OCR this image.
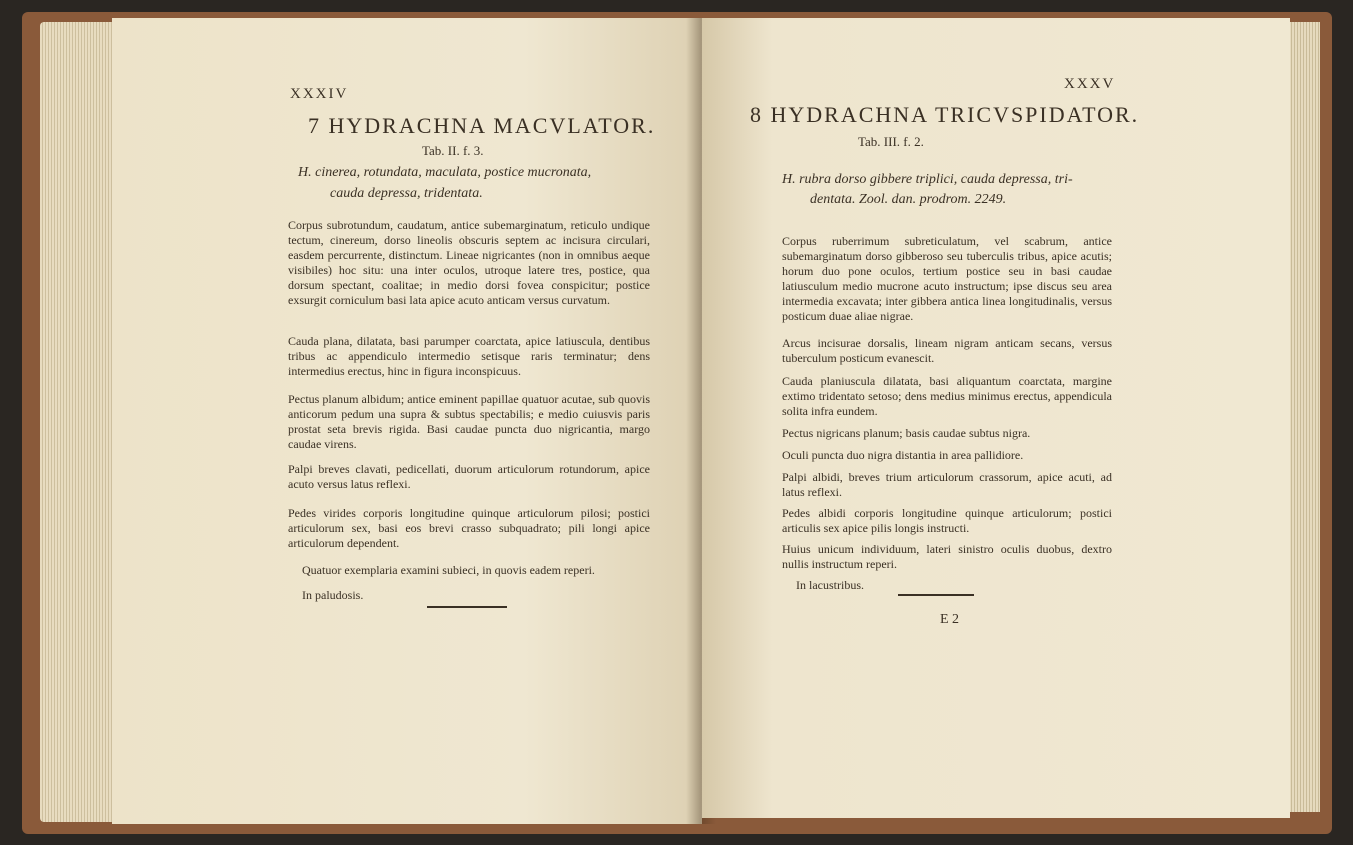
XXXIV
7 HYDRACHNA MACVLATOR.
Tab. II. f. 3.
H. cinerea, rotundata, maculata, postice mucronata,
cauda depressa, tridentata.
Corpus subrotundum, caudatum, antice subemarginatum, reticulo undique tectum, cinereum, dorso lineolis obscuris septem ac incisura circulari, easdem percurrente, distinctum. Lineae nigricantes (non in omnibus aeque visibiles) hoc situ: una inter oculos, utroque latere tres, postice, qua dorsum spectant, coalitae; in medio dorsi fovea conspicitur; postice exsurgit corniculum basi lata apice acuto anticam versus curvatum.
Cauda plana, dilatata, basi parumper coarctata, apice latiuscula, dentibus tribus ac appendiculo intermedio setisque raris terminatur; dens intermedius erectus, hinc in figura inconspicuus.
Pectus planum albidum; antice eminent papillae quatuor acutae, sub quovis anticorum pedum una supra & subtus spectabilis; e medio cuiusvis paris prostat seta brevis rigida. Basi caudae puncta duo nigricantia, margo caudae virens.
Palpi breves clavati, pedicellati, duorum articulorum rotundorum, apice acuto versus latus reflexi.
Pedes virides corporis longitudine quinque articulorum pilosi; postici articulorum sex, basi eos brevi crasso subquadrato; pili longi apice articulorum dependent.
Quatuor exemplaria examini subieci, in quovis eadem reperi.
In paludosis.
XXXV
8 HYDRACHNA TRICVSPIDATOR.
Tab. III. f. 2.
H. rubra dorso gibbere triplici, cauda depressa, tri-
dentata. Zool. dan. prodrom. 2249.
Corpus ruberrimum subreticulatum, vel scabrum, antice subemarginatum dorso gibberoso seu tuberculis tribus, apice acutis; horum duo pone oculos, tertium postice seu in basi caudae latiusculum medio mucrone acuto instructum; ipse discus seu area intermedia excavata; inter gibbera antica linea longitudinalis, versus posticum duae aliae nigrae.
Arcus incisurae dorsalis, lineam nigram anticam secans, versus tuberculum posticum evanescit.
Cauda planiuscula dilatata, basi aliquantum coarctata, margine extimo tridentato setoso; dens medius minimus erectus, appendicula solita infra eundem.
Pectus nigricans planum; basis caudae subtus nigra.
Oculi puncta duo nigra distantia in area pallidiore.
Palpi albidi, breves trium articulorum crassorum, apice acuti, ad latus reflexi.
Pedes albidi corporis longitudine quinque articulorum; postici articulis sex apice pilis longis instructi.
Huius unicum individuum, lateri sinistro oculis duobus, dextro nullis instructum reperi.
In lacustribus.
E 2
